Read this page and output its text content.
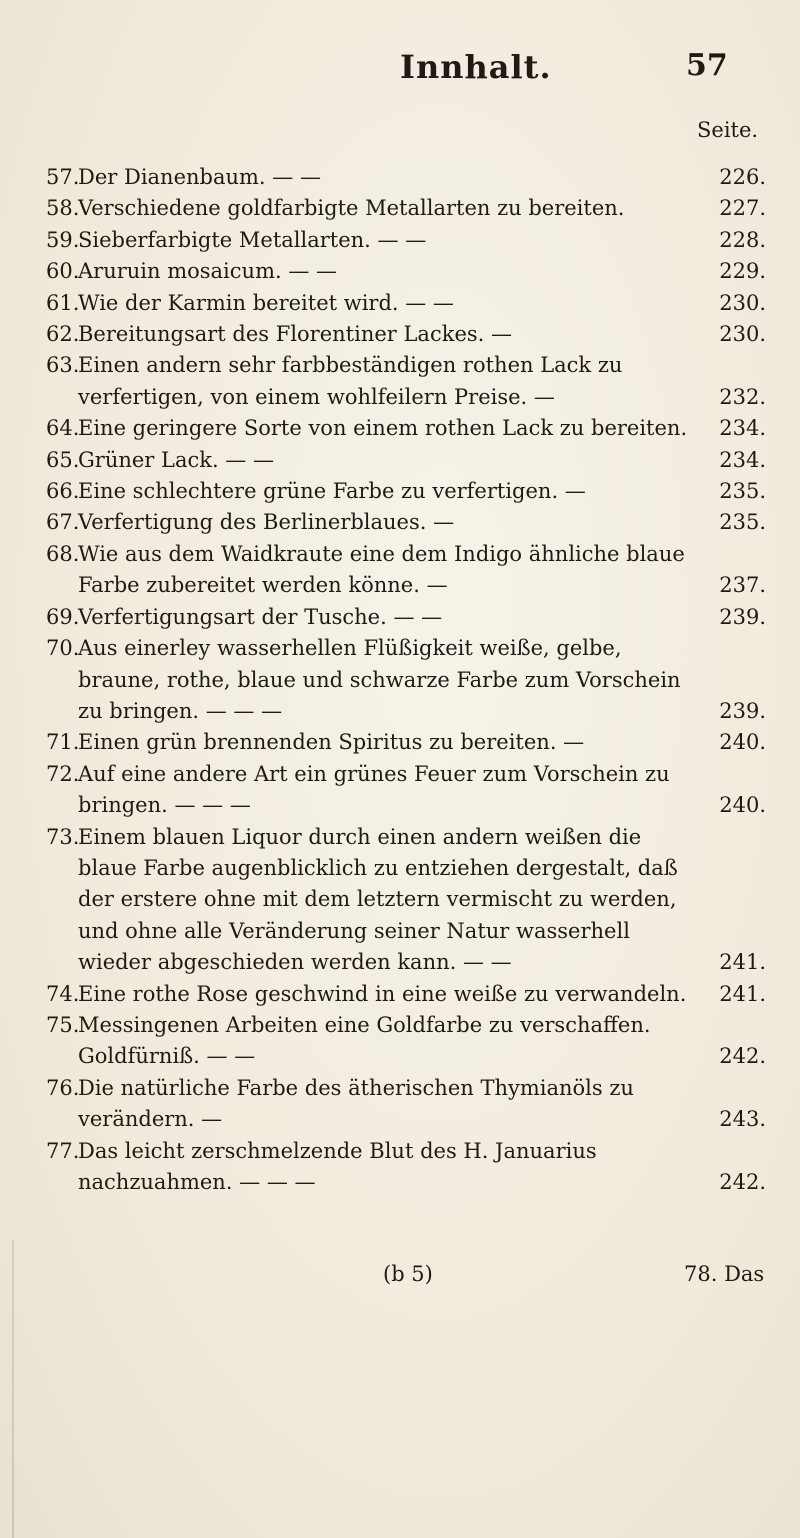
Innhalt.	57
Seite.
57.
Der Dianenbaum. — —	226.
58.
Verschiedene goldfarbigte Metallarten zu bereiten.	227.
59.
Sieberfarbigte Metallarten. — —	228.
60.
Aruruin mosaicum. — —	229.
61.
Wie der Karmin bereitet wird. — —	230.
62.
Bereitungsart des Florentiner Lackes. —	230.
63.
Einen andern sehr farbbeständigen rothen Lack zu verfertigen, von einem wohlfeilern Preise. —	232.
64.
Eine geringere Sorte von einem rothen Lack zu bereiten.	234.
65.
Grüner Lack. — —	234.
66.
Eine schlechtere grüne Farbe zu verfertigen. —	235.
67.
Verfertigung des Berlinerblaues. —	235.
68.
Wie aus dem Waidkraute eine dem Indigo ähnliche blaue Farbe zubereitet werden könne. —	237.
69.
Verfertigungsart der Tusche. — —	239.
70.
Aus einerley wasserhellen Flüßigkeit weiße, gelbe, braune, rothe, blaue und schwarze Farbe zum Vorschein zu bringen. — — —	239.
71.
Einen grün brennenden Spiritus zu bereiten. —	240.
72.
Auf eine andere Art ein grünes Feuer zum Vorschein zu bringen. — — —	240.
73.
Einem blauen Liquor durch einen andern weißen die blaue Farbe augenblicklich zu entziehen dergestalt, daß der erstere ohne mit dem letztern vermischt zu werden, und ohne alle Veränderung seiner Natur wasserhell wieder abgeschieden werden kann. — —	241.
74.
Eine rothe Rose geschwind in eine weiße zu verwandeln.	241.
75.
Messingenen Arbeiten eine Goldfarbe zu verschaffen. Goldfürniß. — —	242.
76.
Die natürliche Farbe des ätherischen Thymianöls zu verändern. —	243.
77.
Das leicht zerschmelzende Blut des H. Januarius nachzuahmen. — — —	242.
(b 5)	78. Das
